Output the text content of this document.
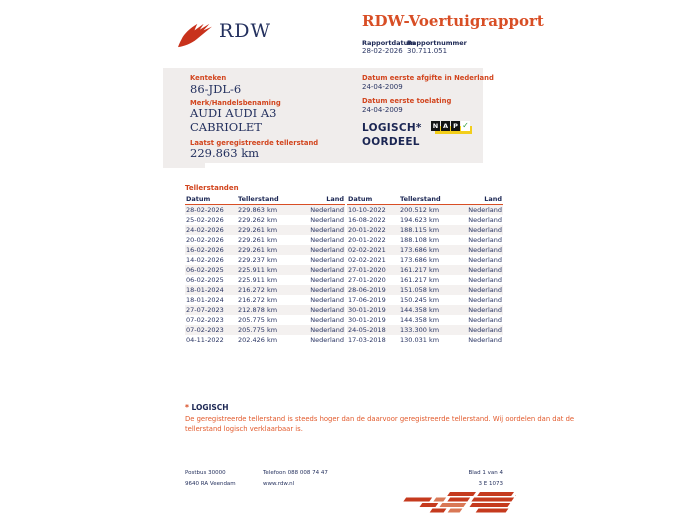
RDW	RDW-Voertuigrapport
Rapportdatum
Rapportnummer
28-02-2026 30.711.051
Kenteken
86-JDL-6
Merk/Handelsbenaming
AUDI AUDI A3
CABRIOLET
Laatst geregistreerde tellerstand
229.863 km
Datum eerste afgifte in Nederland
24-04-2009
Datum eerste toelating
24-04-2009
LOGISCH*
OORDEEL
N A P ✓
Tellerstanden
Datum	Tellerstand	Land
28-02-2026	229.863 km	Nederland
25-02-2026	229.262 km	Nederland
24-02-2026	229.261 km	Nederland
20-02-2026	229.261 km	Nederland
16-02-2026	229.261 km	Nederland
14-02-2026	229.237 km	Nederland
06-02-2025	225.911 km	Nederland
06-02-2025	225.911 km	Nederland
18-01-2024	216.272 km	Nederland
18-01-2024	216.272 km	Nederland
27-07-2023	212.878 km	Nederland
07-02-2023	205.775 km	Nederland
07-02-2023	205.775 km	Nederland
04-11-2022	202.426 km	Nederland
Datum	Tellerstand	Land
10-10-2022	200.512 km	Nederland
16-08-2022	194.623 km	Nederland
20-01-2022	188.115 km	Nederland
20-01-2022	188.108 km	Nederland
02-02-2021	173.686 km	Nederland
02-02-2021	173.686 km	Nederland
27-01-2020	161.217 km	Nederland
27-01-2020	161.217 km	Nederland
28-06-2019	151.058 km	Nederland
17-06-2019	150.245 km	Nederland
30-01-2019	144.358 km	Nederland
30-01-2019	144.358 km	Nederland
24-05-2018	133.300 km	Nederland
17-03-2018	130.031 km	Nederland
* LOGISCH
De geregistreerde tellerstand is steeds hoger dan de daarvoor geregistreerde tellerstand. Wij oordelen dan dat de
tellerstand logisch verklaarbaar is.
Postbus 30000
9640 RA Veendam
Telefoon 088 008 74 47
www.rdw.nl
Blad 1 van 4
3 E 1073
